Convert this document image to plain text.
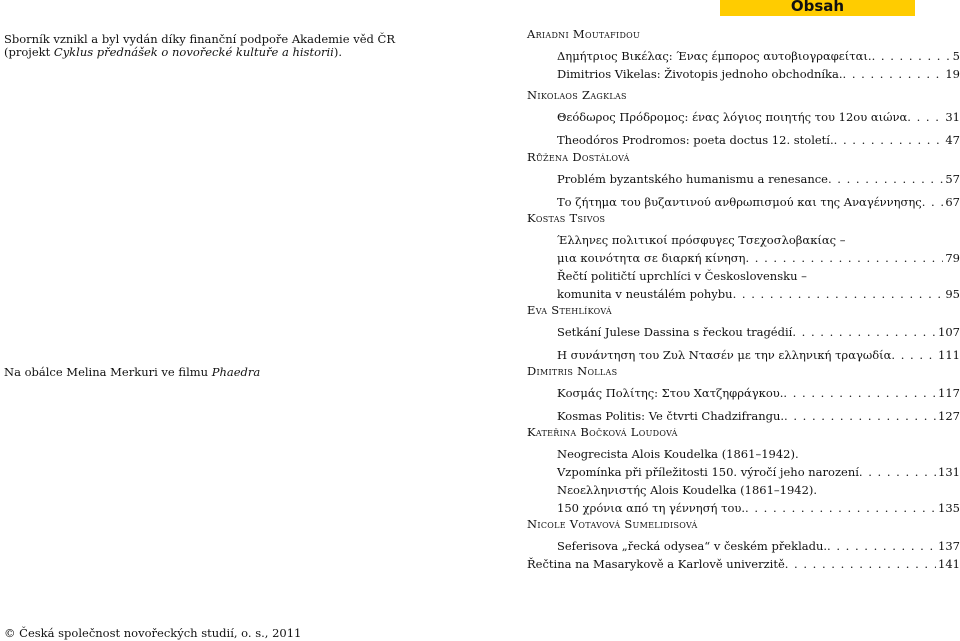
Sborník vznikl a byl vydán díky finanční podpoře Akademie věd ČR
(projekt Cyklus přednášek o novořecké kultuře a historii).
Na obálce Melina Merkuri ve filmu Phaedra
© Česká společnost novořeckých studií, o. s., 2011
Obsah
Ariadni Moutafidou
Δημήτριος Βικέλας: Ένας έμπορος αυτοβιογραφείται. . . .	5
Dimitrios Vikelas: Životopis jednoho obchodníka. . . .	19
Nikolaos Zagklas
Θεόδωρος Πρόδρομος: ένας λόγιος ποιητής του 12ου αιώνα . . .	31
Theodóros Prodromos: poeta doctus 12. století. . . .	47
Růžena Dostálová
Problém byzantského humanismu a renesance . . .	57
Το ζήτημα του βυζαντινού ανθρωπισμού και της Αναγέννησης . . . 67
Kostas Tsivos
Έλληνες πολιτικοί πρόσφυγες Τσεχοσλοβακίας –
μια κοινότητα σε διαρκή κίνηση . . .	79
Řečtí političtí uprchlíci v Československu –
komunita v neustálém pohybu . . .	95
Eva Stehlíková
Setkání Julese Dassina s řeckou tragédií . . .	107
Η συνάντηση του Ζυλ Ντασέν με την ελληνική τραγωδία . . .	111
Dimitris Nollas
Κοσμάς Πολίτης: Στου Χατζηφράγκου. . . .	117
Kosmas Politis: Ve čtvrti Chadzifrangu. . . .	127
Kateřina Bočková Loudová
Neogrecista Alois Koudelka (1861–1942).
Vzpomínka při příležitosti 150. výročí jeho narození . . .	131
Νεοελληνιστής Alois Koudelka (1861–1942).
150 χρόνια από τη γέννησή του. . . .	135
Nicole Votavová Sumelidisová
Seferisova „řecká odysea“ v českém překladu. . . .	137
Řečtina na Masarykově a Karlově univerzitě . . .	141
